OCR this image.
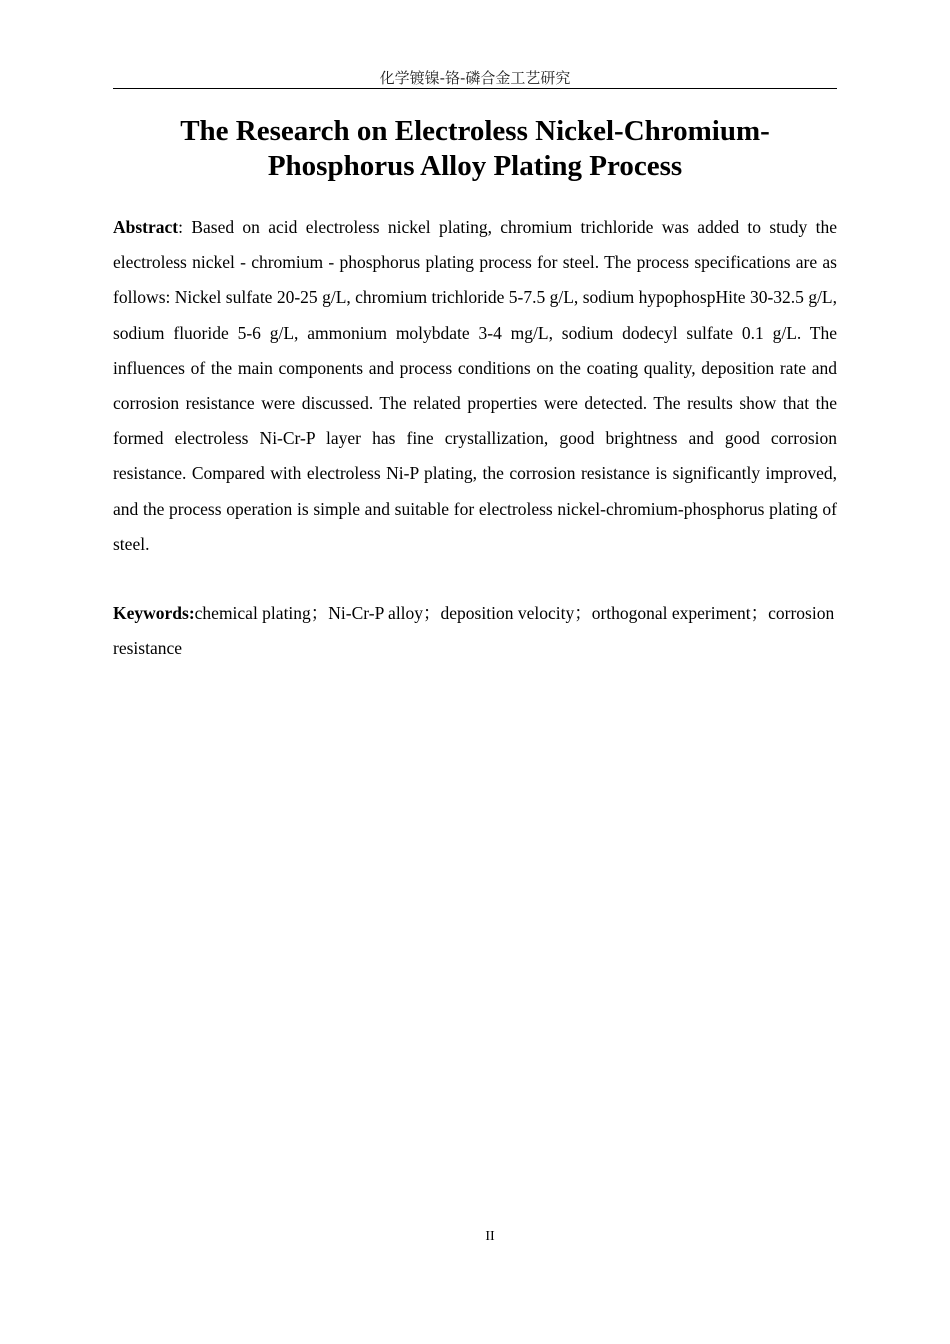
化学镀镍-铬-磷合金工艺研究
The Research on Electroless Nickel-Chromium-
Phosphorus Alloy Plating Process

Abstract: Based on acid electroless nickel plating, chromium trichloride was added to study the electroless nickel - chromium - phosphorus plating process for steel. The process specifications are as follows: Nickel sulfate 20-25 g/L, chromium trichloride 5-7.5 g/L, sodium hypophospHite 30-32.5 g/L, sodium fluoride 5-6 g/L, ammonium molybdate 3-4 mg/L, sodium dodecyl sulfate 0.1 g/L. The influences of the main components and process conditions on the coating quality, deposition rate and corrosion resistance were discussed. The related properties were detected. The results show that the formed electroless Ni-Cr-P layer has fine crystallization, good brightness and good corrosion resistance. Compared with electroless Ni-P plating, the corrosion resistance is significantly improved, and the process operation is simple and suitable for electroless nickel-chromium-phosphorus plating of steel.

Keywords:chemical plating；Ni-Cr-P alloy；deposition velocity；orthogonal experiment；corrosion resistance

II
